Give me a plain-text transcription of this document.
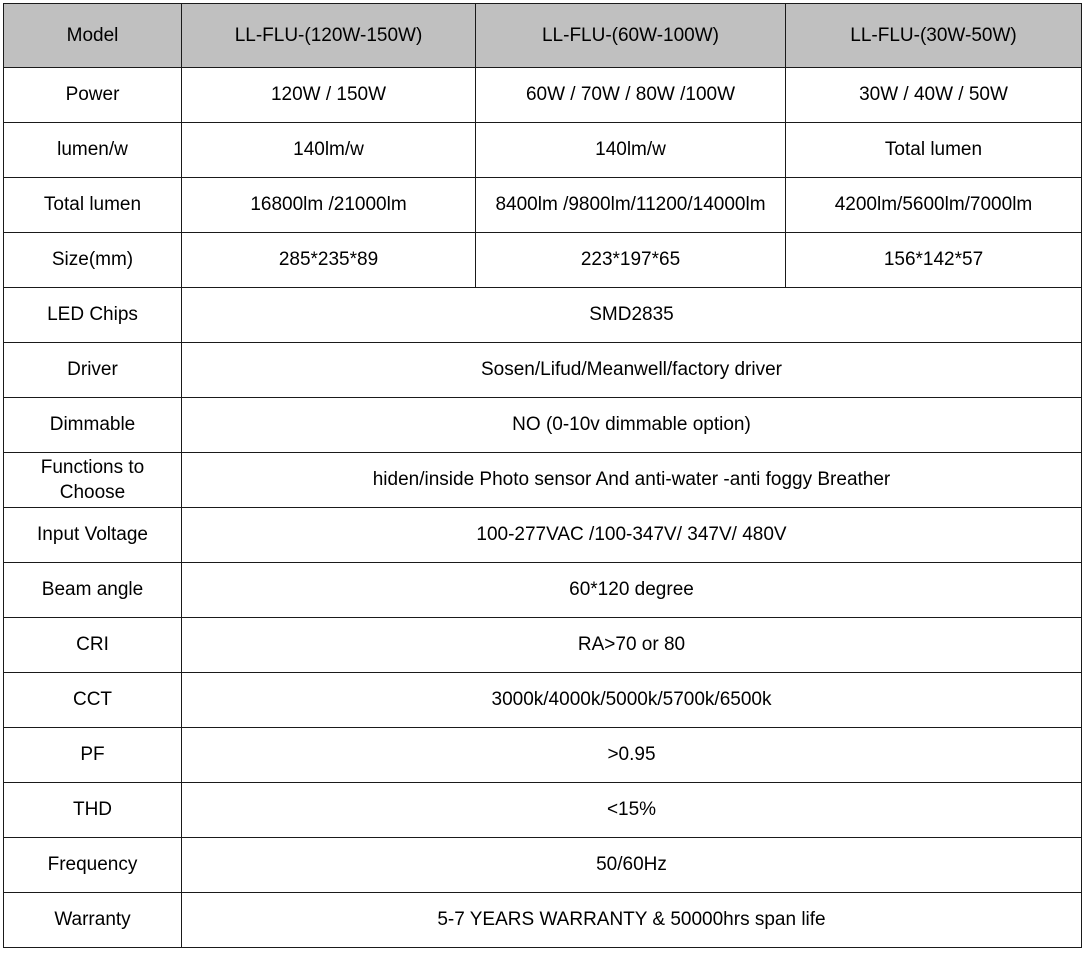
Model	LL-FLU-(120W-150W)	LL-FLU-(60W-100W)	LL-FLU-(30W-50W)
Power	120W / 150W	60W / 70W / 80W /100W	30W / 40W / 50W
lumen/w	140lm/w	140lm/w	Total lumen
Total lumen	16800lm /21000lm	8400lm /9800lm/11200/14000lm	4200lm/5600lm/7000lm
Size(mm)	285*235*89	223*197*65	156*142*57
LED Chips	SMD2835		
Driver	Sosen/Lifud/Meanwell/factory driver		
Dimmable	NO (0-10v dimmable option)		
Functions to Choose	hiden/inside Photo sensor And anti-water -anti foggy Breather		
Input Voltage	100-277VAC /100-347V/ 347V/ 480V		
Beam angle	60*120 degree		
CRI	RA>70 or 80		
CCT	3000k/4000k/5000k/5700k/6500k		
PF	>0.95		
THD	<15%		
Frequency	50/60Hz		
Warranty	5-7 YEARS WARRANTY & 50000hrs span life		
